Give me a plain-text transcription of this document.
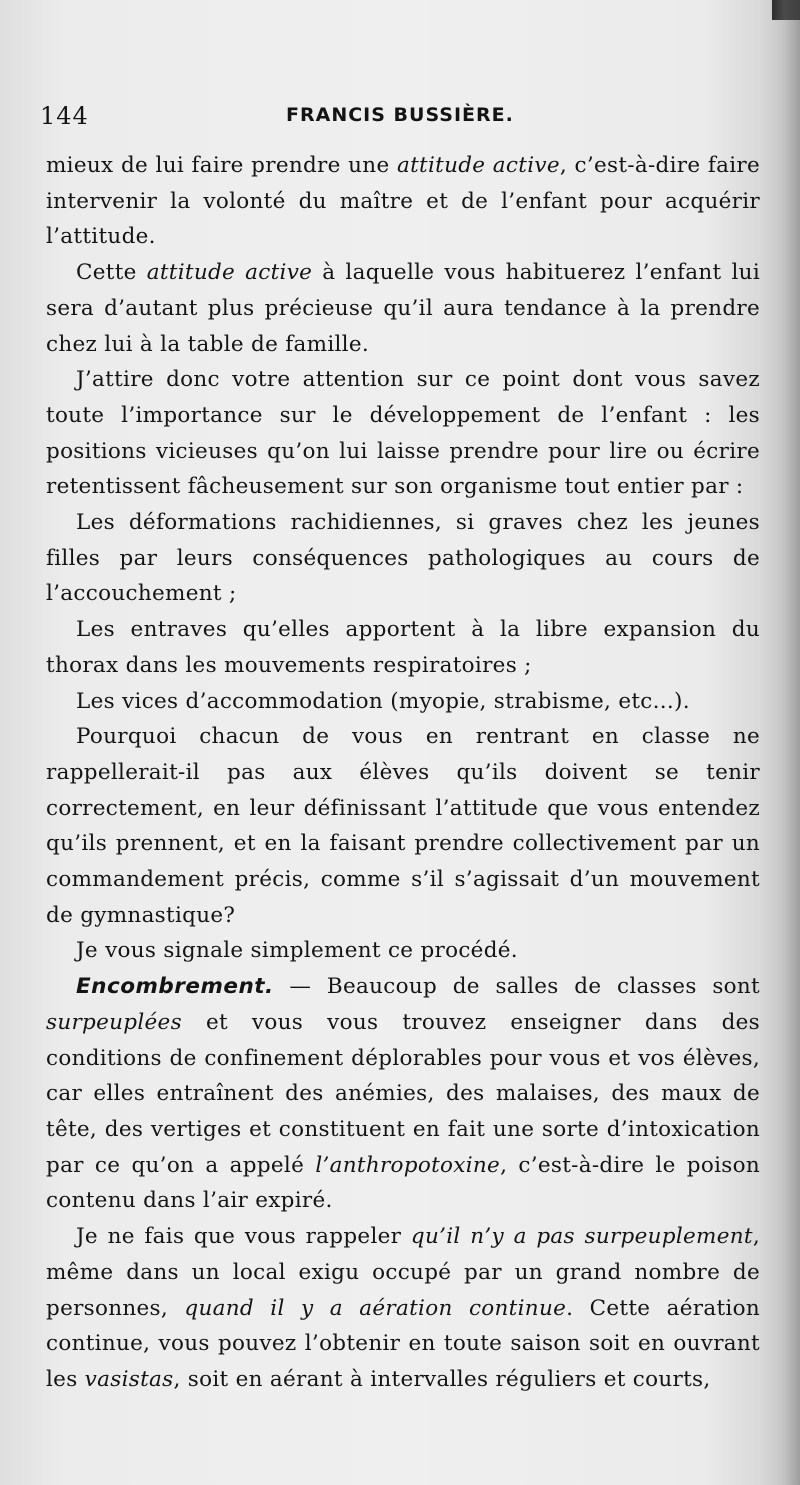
144	FRANCIS BUSSIÈRE.

mieux de lui faire prendre une attitude active, c’est-à-dire faire intervenir la volonté du maître et de l’enfant pour acquérir l’attitude.

Cette attitude active à laquelle vous habituerez l’enfant lui sera d’autant plus précieuse qu’il aura tendance à la prendre chez lui à la table de famille.

J’attire donc votre attention sur ce point dont vous savez toute l’importance sur le développement de l’enfant : les positions vicieuses qu’on lui laisse prendre pour lire ou écrire retentissent fâcheusement sur son organisme tout entier par :

Les déformations rachidiennes, si graves chez les jeunes filles par leurs conséquences pathologiques au cours de l’accouchement ;

Les entraves qu’elles apportent à la libre expansion du thorax dans les mouvements respiratoires ;

Les vices d’accommodation (myopie, strabisme, etc...).

Pourquoi chacun de vous en rentrant en classe ne rappellerait-il pas aux élèves qu’ils doivent se tenir correctement, en leur définissant l’attitude que vous entendez qu’ils prennent, et en la faisant prendre collectivement par un commandement précis, comme s’il s’agissait d’un mouvement de gymnastique?

Je vous signale simplement ce procédé.

Encombrement. — Beaucoup de salles de classes sont surpeuplées et vous vous trouvez enseigner dans des conditions de confinement déplorables pour vous et vos élèves, car elles entraînent des anémies, des malaises, des maux de tête, des vertiges et constituent en fait une sorte d’intoxication par ce qu’on a appelé l’anthropotoxine, c’est-à-dire le poison contenu dans l’air expiré.

Je ne fais que vous rappeler qu’il n’y a pas surpeuplement, même dans un local exigu occupé par un grand nombre de personnes, quand il y a aération continue. Cette aération continue, vous pouvez l’obtenir en toute saison soit en ouvrant les vasistas, soit en aérant à intervalles réguliers et courts,
